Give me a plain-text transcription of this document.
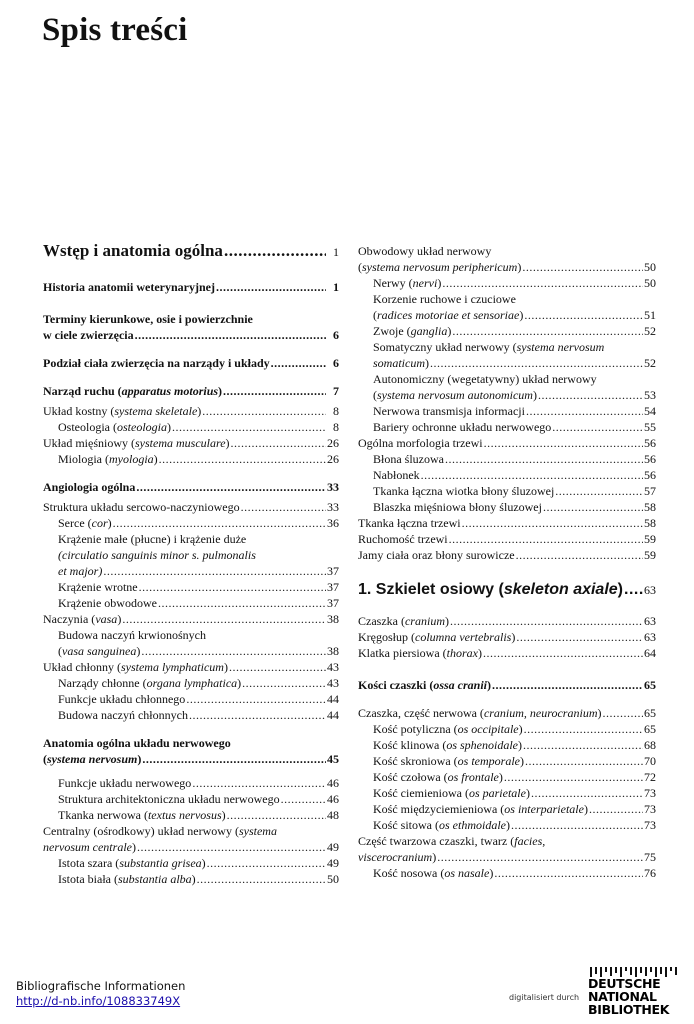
Spis treści
Wstęp i anatomia ogólna .....	1
Historia anatomii weterynaryjnej .....	1
Terminy kierunkowe, osie i powierzchnie
w ciele zwierzęcia .....	6
Podział ciała zwierzęcia na narządy i układy .....	6
Narząd ruchu (apparatus motorius) .....	7
Układ kostny (systema skeletale) .....	8
Osteologia (osteologia) .....	8
Układ mięśniowy (systema musculare) .....	26
Miologia (myologia) .....	26
Angiologia ogólna .....	33
Struktura układu sercowo-naczyniowego .....	33
Serce (cor) .....	36
Krążenie małe (płucne) i krążenie duże
(circulatio sanguinis minor s. pulmonalis
et major) .....	37
Krążenie wrotne .....	37
Krążenie obwodowe .....	37
Naczynia (vasa) .....	38
Budowa naczyń krwionośnych
(vasa sanguinea) .....	38
Układ chłonny (systema lymphaticum) .....	43
Narządy chłonne (organa lymphatica) .....	43
Funkcje układu chłonnego .....	44
Budowa naczyń chłonnych .....	44
Anatomia ogólna układu nerwowego
(systema nervosum) .....	45
Funkcje układu nerwowego .....	46
Struktura architektoniczna układu nerwowego .....	46
Tkanka nerwowa (textus nervosus) .....	48
Centralny (ośrodkowy) układ nerwowy (systema
nervosum centrale) .....	49
Istota szara (substantia grisea) .....	49
Istota biała (substantia alba) .....	50
Obwodowy układ nerwowy
(systema nervosum periphericum) .....	50
Nerwy (nervi) .....	50
Korzenie ruchowe i czuciowe
(radices motoriae et sensoriae) .....	51
Zwoje (ganglia) .....	52
Somatyczny układ nerwowy (systema nervosum
somaticum) .....	52
Autonomiczny (wegetatywny) układ nerwowy
(systema nervosum autonomicum) .....	53
Nerwowa transmisja informacji .....	54
Bariery ochronne układu nerwowego .....	55
Ogólna morfologia trzewi .....	56
Błona śluzowa .....	56
Nabłonek .....	56
Tkanka łączna wiotka błony śluzowej .....	57
Blaszka mięśniowa błony śluzowej .....	58
Tkanka łączna trzewi .....	58
Ruchomość trzewi .....	59
Jamy ciała oraz błony surowicze .....	59
1. Szkielet osiowy (skeleton axiale) ..... 63
Czaszka (cranium) .....	63
Kręgosłup (columna vertebralis) .....	63
Klatka piersiowa (thorax) .....	64
Kości czaszki (ossa cranii) .....	65
Czaszka, część nerwowa (cranium, neurocranium) .....	65
Kość potyliczna (os occipitale) .....	65
Kość klinowa (os sphenoidale) .....	68
Kość skroniowa (os temporale) .....	70
Kość czołowa (os frontale) .....	72
Kość ciemieniowa (os parietale) .....	73
Kość międzyciemieniowa (os interparietale) .....	73
Kość sitowa (os ethmoidale) .....	73
Część twarzowa czaszki, twarz (facies,
viscerocranium) .....	75
Kość nosowa (os nasale) .....	76
Bibliografische Informationen
http://d-nb.info/108833749X	digitalisiert durch
DEUTSCHE
NATIONAL
BIBLIOTHEK
